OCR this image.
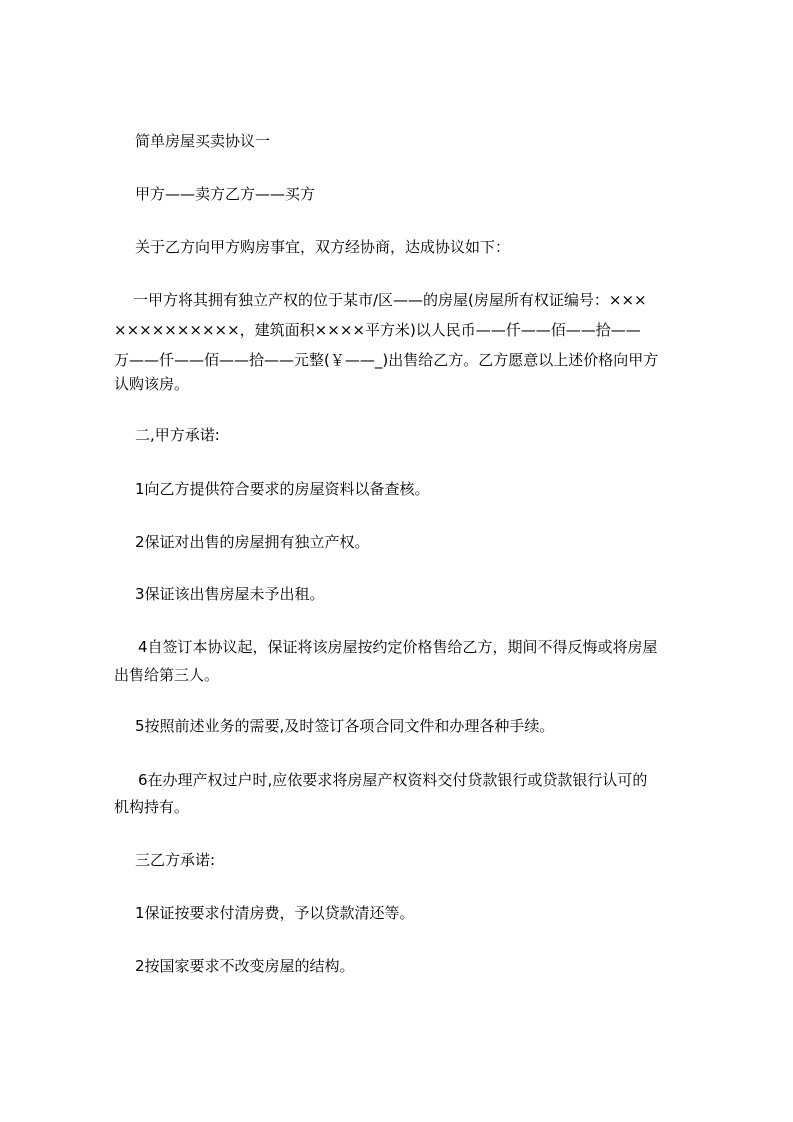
简单房屋买卖协议一

甲方——卖方乙方——买方

关于乙方向甲方购房事宜，双方经协商，达成协议如下：

一甲方将其拥有独立产权的位于某市/区——的房屋(房屋所有权证编号：×××

××××××××××，建筑面积××××平方米)以人民币——仟——佰——拾——

万——仟——佰——拾——元整(￥——_)出售给乙方。乙方愿意以上述价格向甲方

认购该房。

二,甲方承诺:

1向乙方提供符合要求的房屋资料以备查核。

2保证对出售的房屋拥有独立产权。

3保证该出售房屋未予出租。

4自签订本协议起，保证将该房屋按约定价格售给乙方，期间不得反悔或将房屋

出售给第三人。

5按照前述业务的需要,及时签订各项合同文件和办理各种手续。

6在办理产权过户时,应依要求将房屋产权资料交付贷款银行或贷款银行认可的

机构持有。

三乙方承诺:

1保证按要求付清房费，予以贷款清还等。

2按国家要求不改变房屋的结构。
